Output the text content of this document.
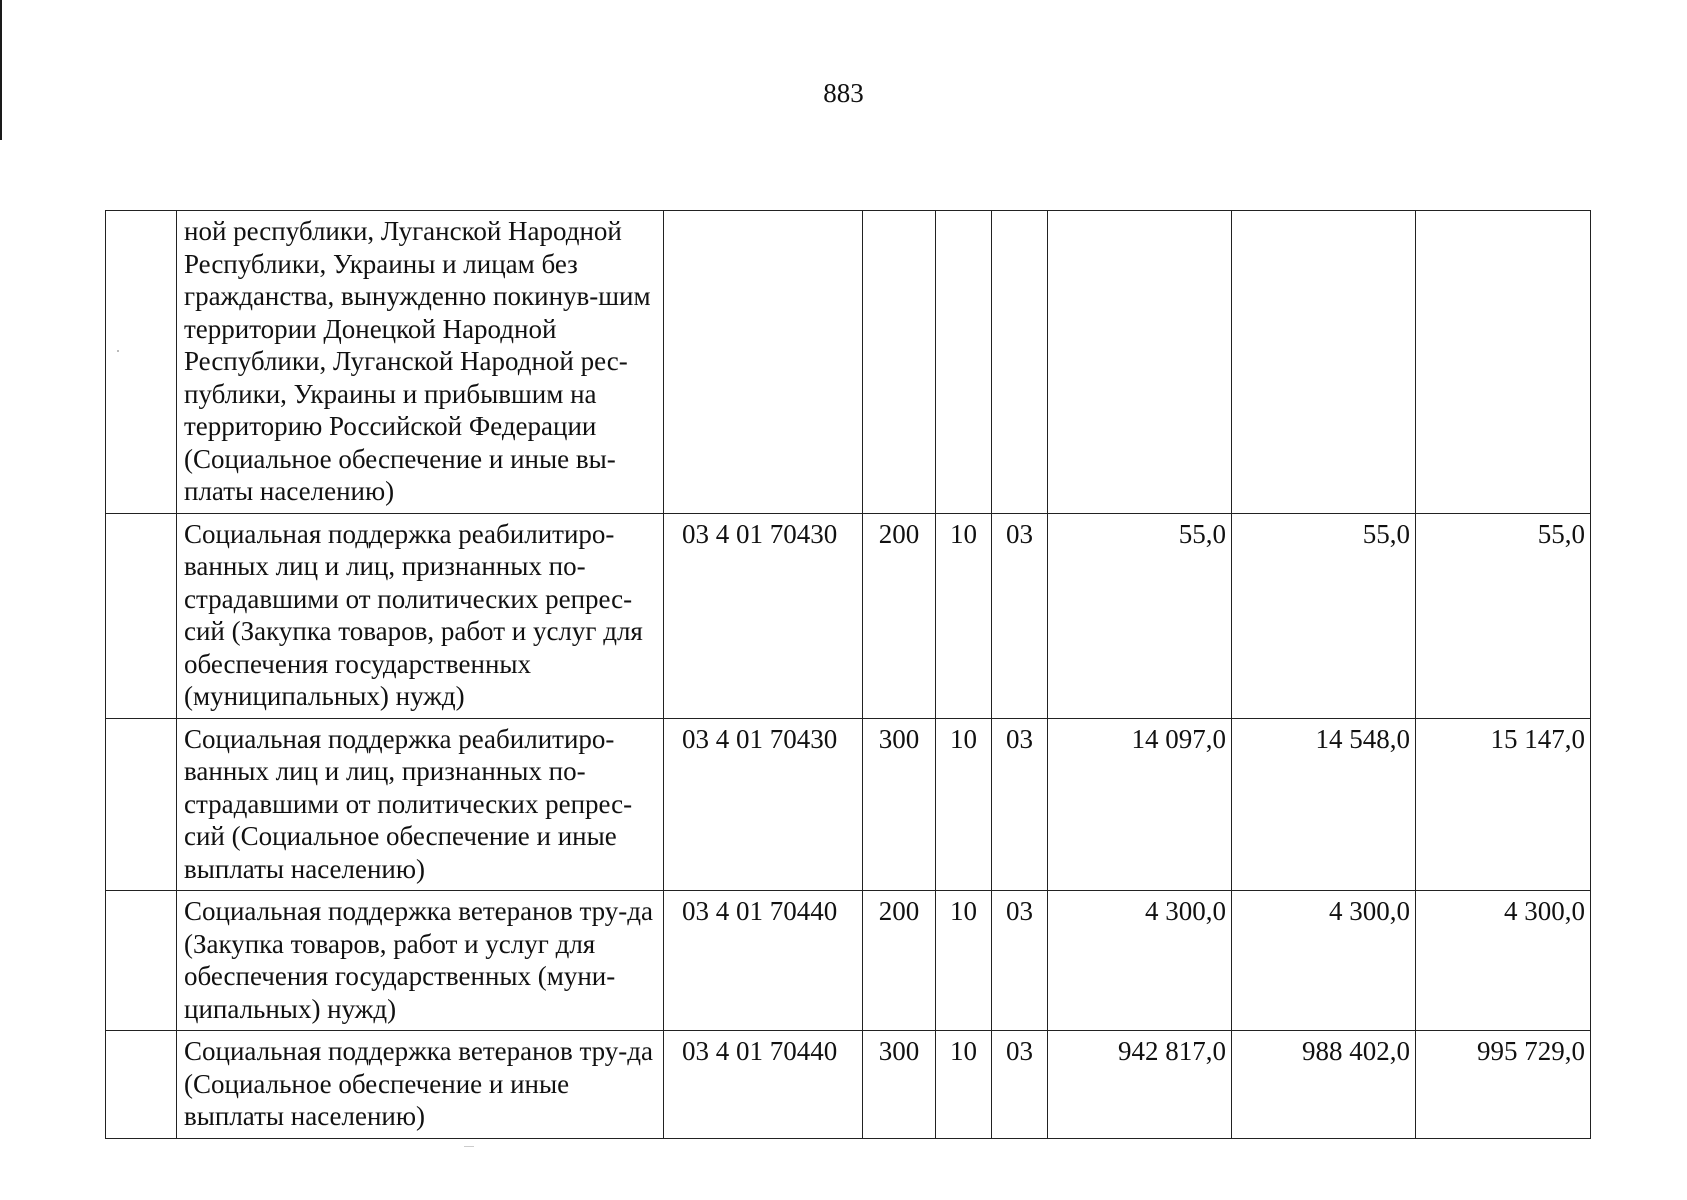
883
	ной республики, Луганской Народной Республики, Украины и лицам без гражданства, вынужденно покинув-шим территории Донецкой Народной Республики, Луганской Народной рес-публики, Украины и прибывшим на территорию Российской Федерации (Социальное обеспечение и иные вы-платы населению)							
	Социальная поддержка реабилитиро-ванных лиц и лиц, признанных по-страдавшими от политических репрес-сий (Закупка товаров, работ и услуг для обеспечения государственных (муниципальных) нужд)	03 4 01 70430	200	10	03	55,0	55,0	55,0
	Социальная поддержка реабилитиро-ванных лиц и лиц, признанных по-страдавшими от политических репрес-сий (Социальное обеспечение и иные выплаты населению)	03 4 01 70430	300	10	03	14 097,0	14 548,0	15 147,0
	Социальная поддержка ветеранов тру-да (Закупка товаров, работ и услуг для обеспечения государственных (муни-ципальных) нужд)	03 4 01 70440	200	10	03	4 300,0	4 300,0	4 300,0
	Социальная поддержка ветеранов тру-да (Социальное обеспечение и иные выплаты населению)	03 4 01 70440	300	10	03	942 817,0	988 402,0	995 729,0
